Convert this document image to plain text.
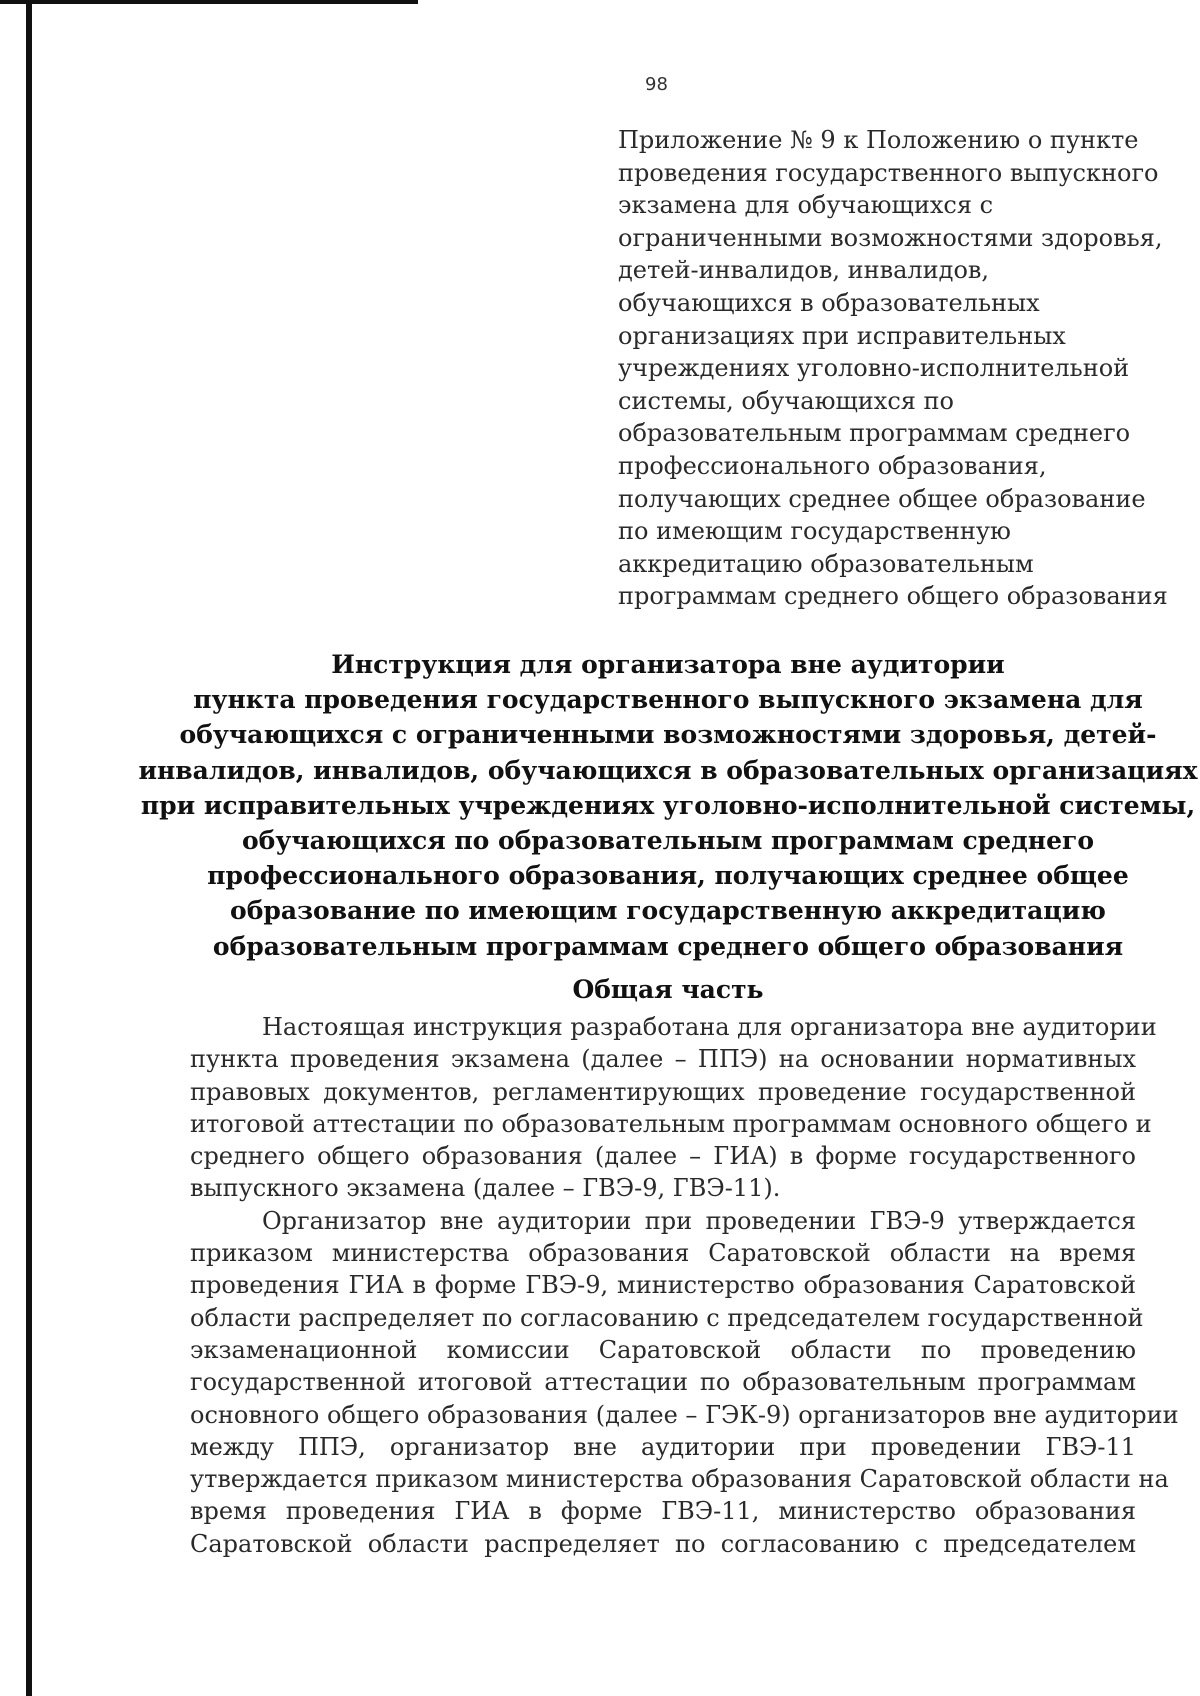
98
Приложение № 9 к Положению о пункте
проведения государственного выпускного
экзамена для обучающихся с
ограниченными возможностями здоровья,
детей-инвалидов, инвалидов,
обучающихся в образовательных
организациях при исправительных
учреждениях уголовно-исполнительной
системы, обучающихся по
образовательным программам среднего
профессионального образования,
получающих среднее общее образование
по имеющим государственную
аккредитацию образовательным
программам среднего общего образования
Инструкция для организатора вне аудитории
пункта проведения государственного выпускного экзамена для
обучающихся с ограниченными возможностями здоровья, детей-
инвалидов, инвалидов, обучающихся в образовательных организациях
при исправительных учреждениях уголовно-исполнительной системы,
обучающихся по образовательным программам среднего
профессионального образования, получающих среднее общее
образование по имеющим государственную аккредитацию
образовательным программам среднего общего образования
Общая часть
Настоящая инструкция разработана для организатора вне аудитории
пункта проведения экзамена (далее – ППЭ) на основании нормативных
правовых документов, регламентирующих проведение государственной
итоговой аттестации по образовательным программам основного общего и
среднего общего образования (далее – ГИА) в форме государственного
выпускного экзамена (далее – ГВЭ-9, ГВЭ-11).
Организатор вне аудитории при проведении ГВЭ-9 утверждается
приказом министерства образования Саратовской области на время
проведения ГИА в форме ГВЭ-9, министерство образования Саратовской
области распределяет по согласованию с председателем государственной
экзаменационной комиссии Саратовской области по проведению
государственной итоговой аттестации по образовательным программам
основного общего образования (далее – ГЭК-9) организаторов вне аудитории
между ППЭ, организатор вне аудитории при проведении ГВЭ-11
утверждается приказом министерства образования Саратовской области на
время проведения ГИА в форме ГВЭ-11, министерство образования
Саратовской области распределяет по согласованию с председателем
